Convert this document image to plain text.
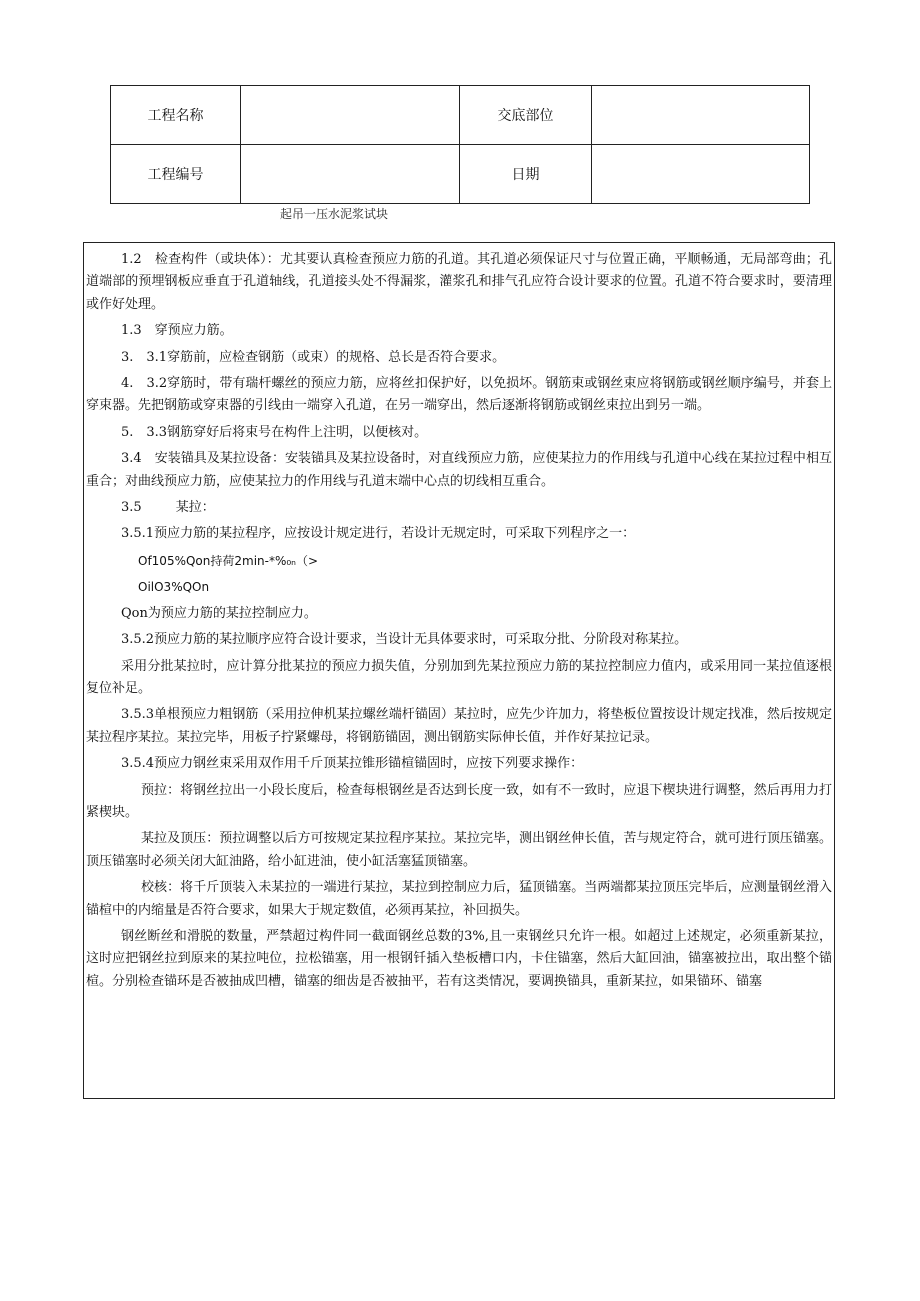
工程名称		交底部位	
工程编号		日期	
起吊一压水泥浆试块

1.2　检查构件（或块体）：尤其要认真检查预应力筋的孔道。其孔道必须保证尺寸与位置正确，平顺畅通，无局部弯曲；孔道端部的预埋钢板应垂直于孔道轴线，孔道接头处不得漏浆，灌浆孔和排气孔应符合设计要求的位置。孔道不符合要求时，要清理或作好处理。

1.3　穿预应力筋。

3.　3.1穿筋前，应检查钢筋（或束）的规格、总长是否符合要求。

4.　3.2穿筋时，带有瑞杆螺丝的预应力筋，应将丝扣保护好，以免损坏。钢筋束或钢丝束应将钢筋或钢丝顺序编号，并套上穿束器。先把钢筋或穿束器的引线由一端穿入孔道，在另一端穿出，然后逐渐将钢筋或钢丝束拉出到另一端。

5.　3.3钢筋穿好后将束号在构件上注明，以便核对。

3.4　安装锚具及某拉设备：安装锚具及某拉设备时，对直线预应力筋，应使某拉力的作用线与孔道中心线在某拉过程中相互重合；对曲线预应力筋，应使某拉力的作用线与孔道末端中心点的切线相互重合。

3.5	某拉：

3.5.1预应力筋的某拉程序，应按设计规定进行，若设计无规定时，可采取下列程序之一：

Of105%Qon持荷2min-*%₀ₙ（>
OilO3%QOn

Qon为预应力筋的某拉控制应力。

3.5.2预应力筋的某拉顺序应符合设计要求，当设计无具体要求时，可采取分批、分阶段对称某拉。

采用分批某拉时，应计算分批某拉的预应力损失值，分别加到先某拉预应力筋的某拉控制应力值内，或采用同一某拉值逐根复位补足。

3.5.3单根预应力粗钢筋（采用拉伸机某拉螺丝端杆锚固）某拉时，应先少许加力，将垫板位置按设计规定找准，然后按规定某拉程序某拉。某拉完毕，用板子拧紧螺母，将钢筋锚固，测出钢筋实际伸长值，并作好某拉记录。

3.5.4预应力钢丝束采用双作用千斤顶某拉锥形锚楦锚固时，应按下列要求操作：

预拉：将钢丝拉出一小段长度后，检查每根钢丝是否达到长度一致，如有不一致时，应退下楔块进行调整，然后再用力打紧楔块。

某拉及顶压：预拉调整以后方可按规定某拉程序某拉。某拉完毕，测出钢丝伸长值，苦与规定符合，就可进行顶压锚塞。顶压锚塞时必须关闭大缸油路，给小缸进油，使小缸活塞猛顶锚塞。

校核：将千斤顶装入未某拉的一端进行某拉，某拉到控制应力后，猛顶锚塞。当两端都某拉顶压完毕后，应测量钢丝滑入锚楦中的内缩量是否符合要求，如果大于规定数值，必须再某拉，补回损失。

钢丝断丝和滑脱的数量，严禁超过构件同一截面钢丝总数的3%,且一束钢丝只允许一根。如超过上述规定，必须重新某拉，这时应把钢丝拉到原来的某拉吨位，拉松锚塞，用一根钢钎插入垫板槽口内，卡住锚塞，然后大缸回油，锚塞被拉出，取出整个锚楦。分别检查锚环是否被抽成凹槽，锚塞的细齿是否被抽平，若有这类情况，要调换锚具，重新某拉，如果锚环、锚塞
